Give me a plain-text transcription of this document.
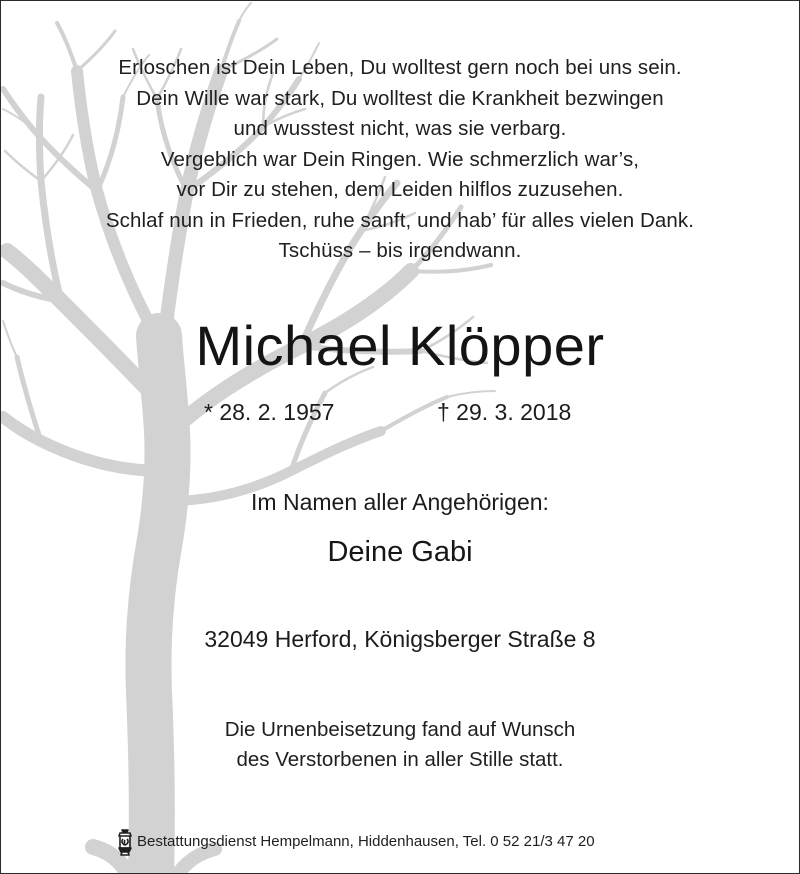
Erloschen ist Dein Leben, Du wolltest gern noch bei uns sein.
Dein Wille war stark, Du wolltest die Krankheit bezwingen
und wusstest nicht, was sie verbarg.
Vergeblich war Dein Ringen. Wie schmerzlich war’s,
vor Dir zu stehen, dem Leiden hilflos zuzusehen.
Schlaf nun in Frieden, ruhe sanft, und hab’ für alles vielen Dank.
Tschüss – bis irgendwann.
Michael Klöpper
* 28. 2. 1957	† 29. 3. 2018
Im Namen aller Angehörigen:
Deine Gabi
32049 Herford, Königsberger Straße 8
Die Urnenbeisetzung fand auf Wunsch
des Verstorbenen in aller Stille statt.
Bestattungsdienst Hempelmann, Hiddenhausen, Tel. 0 52 21/3 47 20
